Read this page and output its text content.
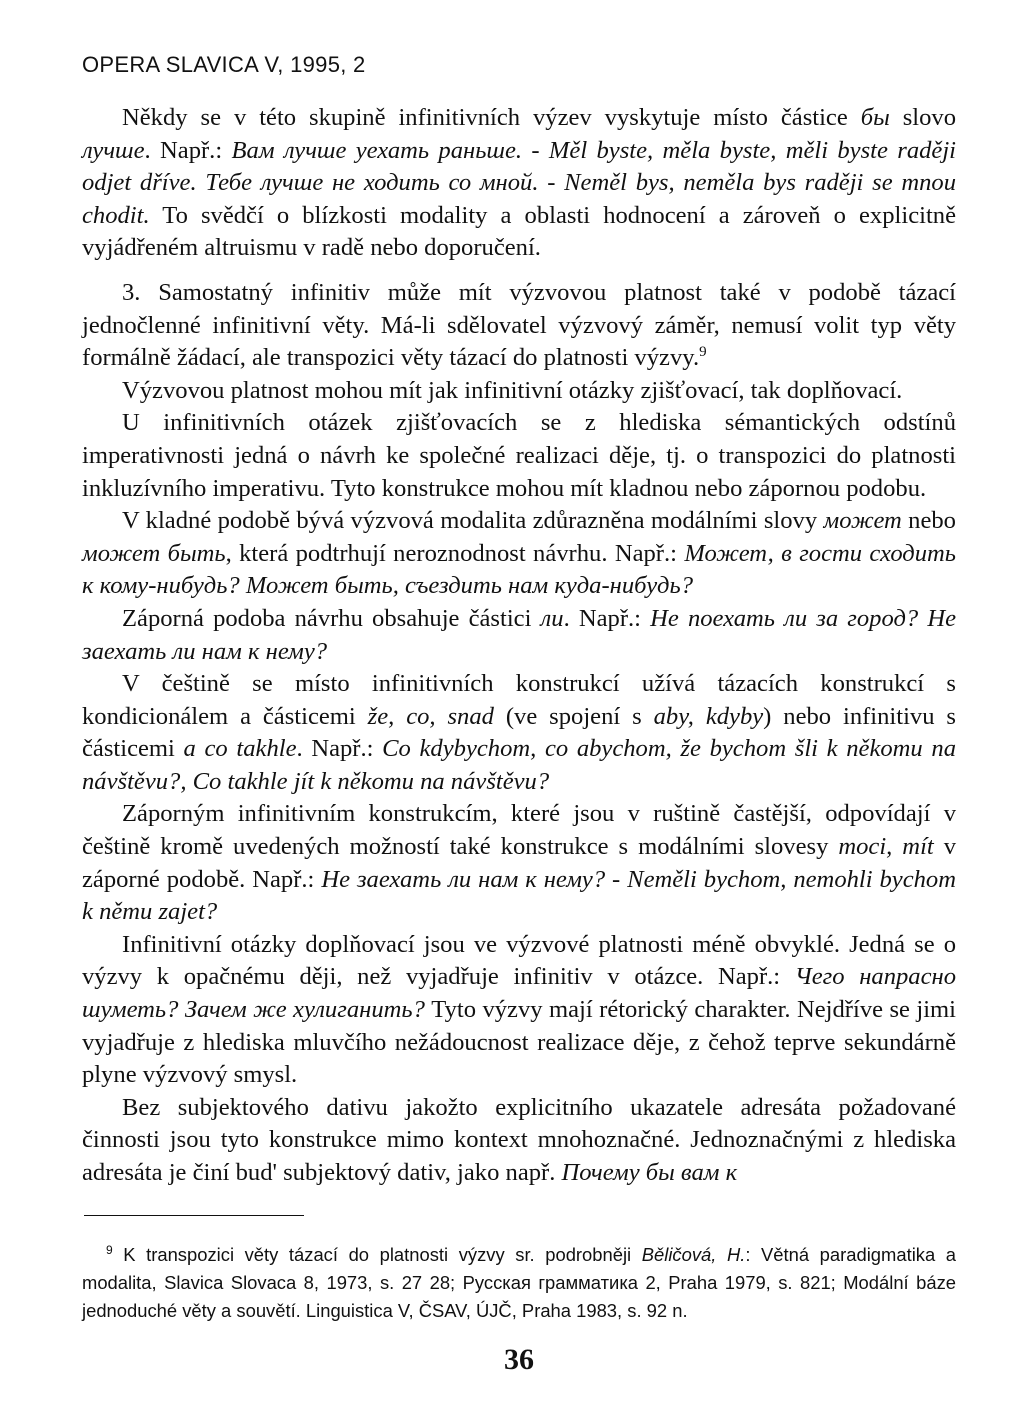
OPERA SLAVICA V, 1995, 2

Někdy se v této skupině infinitivních výzev vyskytuje místo částice бы slovo лучше. Např.: Вам лучше уехать раньше. - Měl byste, měla byste, měli byste raději odjet dříve. Тебе лучше не ходить со мной. - Neměl bys, neměla bys raději se mnou chodit. To svědčí o blízkosti modality a oblasti hodnocení a zároveň o explicitně vyjádřeném altruismu v radě nebo doporučení.

3. Samostatný infinitiv může mít výzvovou platnost také v podobě tázací jednočlenné infinitivní věty. Má-li sdělovatel výzvový záměr, nemusí volit typ věty formálně žádací, ale transpozici věty tázací do platnosti výzvy.$^9$

Výzvovou platnost mohou mít jak infinitivní otázky zjišťovací, tak doplňovací.

U infinitivních otázek zjišťovacích se z hlediska sémantických odstínů imperativnosti jedná o návrh ke společné realizaci děje, tj. o transpozici do platnosti inkluzívního imperativu. Tyto konstrukce mohou mít kladnou nebo zápornou podobu.

V kladné podobě bývá výzvová modalita zdůrazněna modálními slovy может nebo может быть, která podtrhují neroznodnost návrhu. Např.: Может, в гости сходить к кому-нибудь? Может быть, съездить нам куда-нибудь?

Záporná podoba návrhu obsahuje částici ли. Např.: Не поехать ли за город? Не заехать ли нам к нему?

V češtině se místo infinitivních konstrukcí užívá tázacích konstrukcí s kondicionálem a částicemi že, co, snad (ve spojení s aby, kdyby) nebo infinitivu s částicemi a co takhle. Např.: Co kdybychom, co abychom, že bychom šli k někomu na návštěvu?, Co takhle jít k někomu na návštěvu?

Záporným infinitivním konstrukcím, které jsou v ruštině častější, odpovídají v češtině kromě uvedených možností také konstrukce s modálními slovesy moci, mít v záporné podobě. Např.: Не заехать ли нам к нему? - Neměli bychom, nemohli bychom k němu zajet?

Infinitivní otázky doplňovací jsou ve výzvové platnosti méně obvyklé. Jedná se o výzvy k opačnému ději, než vyjadřuje infinitiv v otázce. Např.: Чего напрасно шуметь? Зачем же хулиганить? Tyto výzvy mají rétorický charakter. Nejdříve se jimi vyjadřuje z hlediska mluvčího nežádoucnost realizace děje, z čehož teprve sekundárně plyne výzvový smysl.

Bez subjektového dativu jakožto explicitního ukazatele adresáta požadované činnosti jsou tyto konstrukce mimo kontext mnohoznačné. Jednoznačnými z hlediska adresáta je činí bud' subjektový dativ, jako např. Почему бы вам к

$^9$ K transpozici věty tázací do platnosti výzvy sr. podrobněji Běličová, H.: Větná paradigmatika a modalita, Slavica Slovaca 8, 1973, s. 27 28; Русская грамматика 2, Praha 1979, s. 821; Modální báze jednoduché věty a souvětí. Linguistica V, ČSAV, ÚJČ, Praha 1983, s. 92 n.

36
